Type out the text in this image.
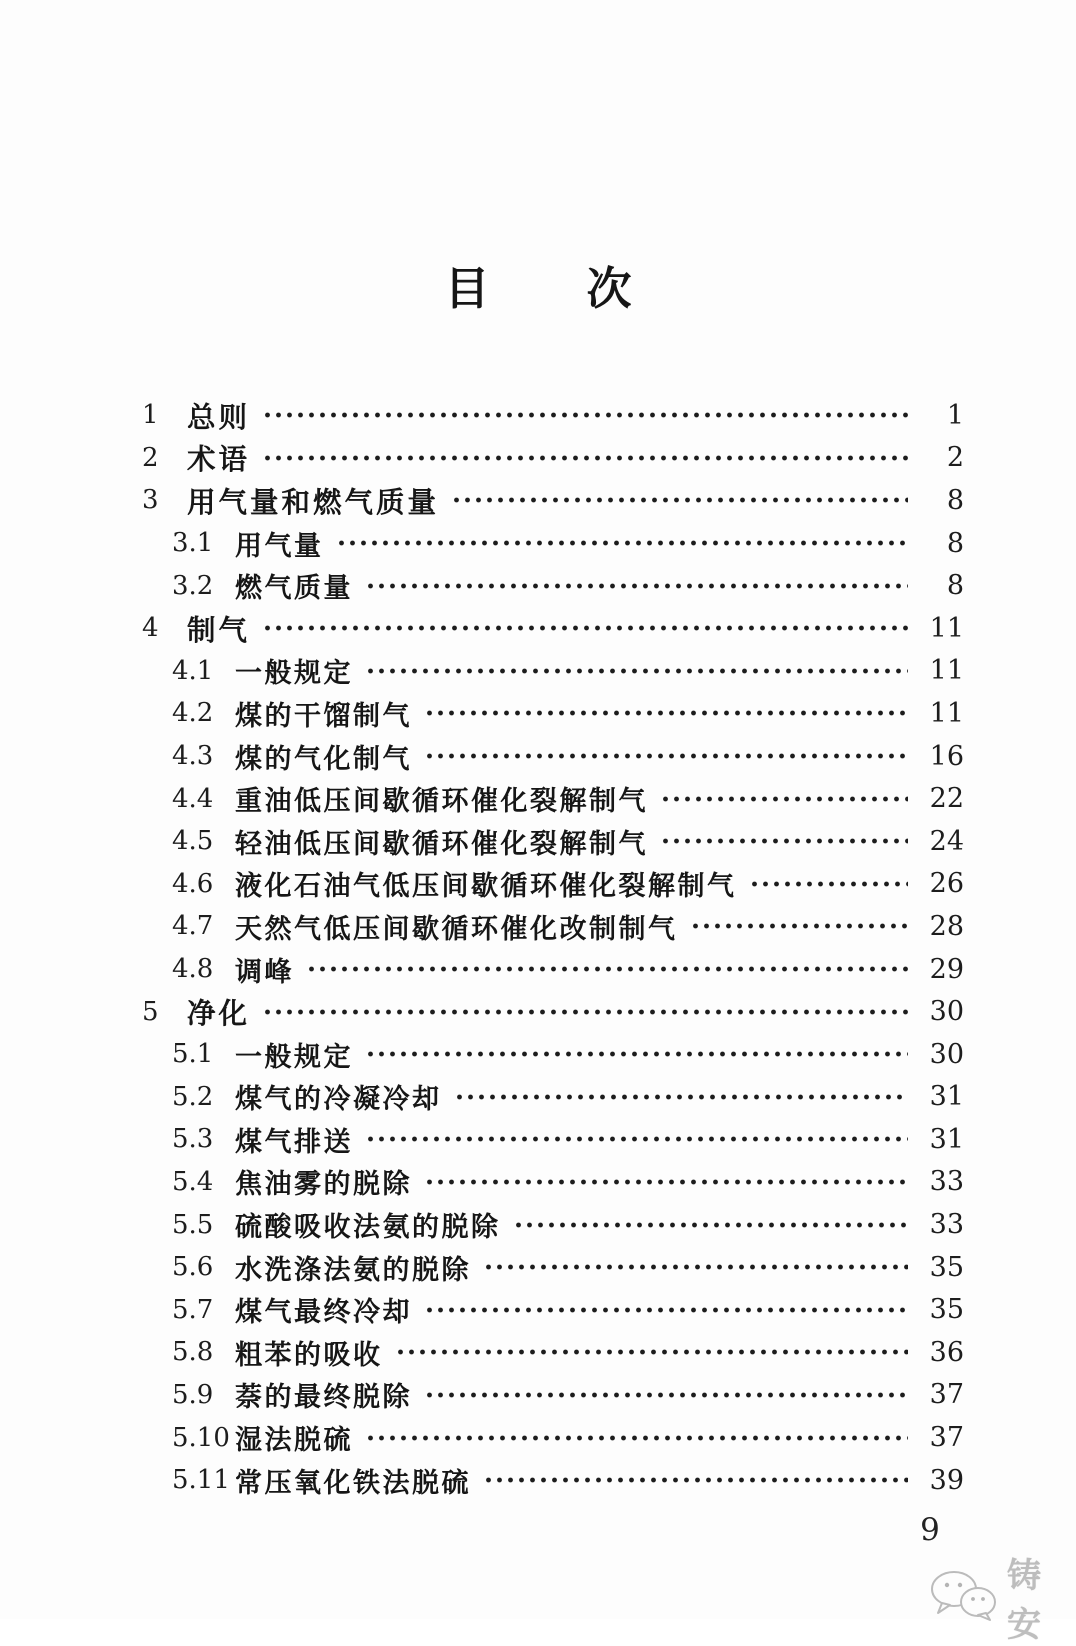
目　次
1 总则	1
2 术语	2
3 用气量和燃气质量	8
3.1 用气量	8
3.2 燃气质量	8
4 制气	11
4.1 一般规定	11
4.2 煤的干馏制气	11
4.3 煤的气化制气	16
4.4 重油低压间歇循环催化裂解制气	22
4.5 轻油低压间歇循环催化裂解制气	24
4.6 液化石油气低压间歇循环催化裂解制气	26
4.7 天然气低压间歇循环催化改制制气	28
4.8 调峰	29
5 净化	30
5.1 一般规定	30
5.2 煤气的冷凝冷却	31
5.3 煤气排送	31
5.4 焦油雾的脱除	33
5.5 硫酸吸收法氨的脱除	33
5.6 水洗涤法氨的脱除	35
5.7 煤气最终冷却	35
5.8 粗苯的吸收	36
5.9 萘的最终脱除	37
5.10 湿法脱硫	37
5.11 常压氧化铁法脱硫	39
9
铸安
